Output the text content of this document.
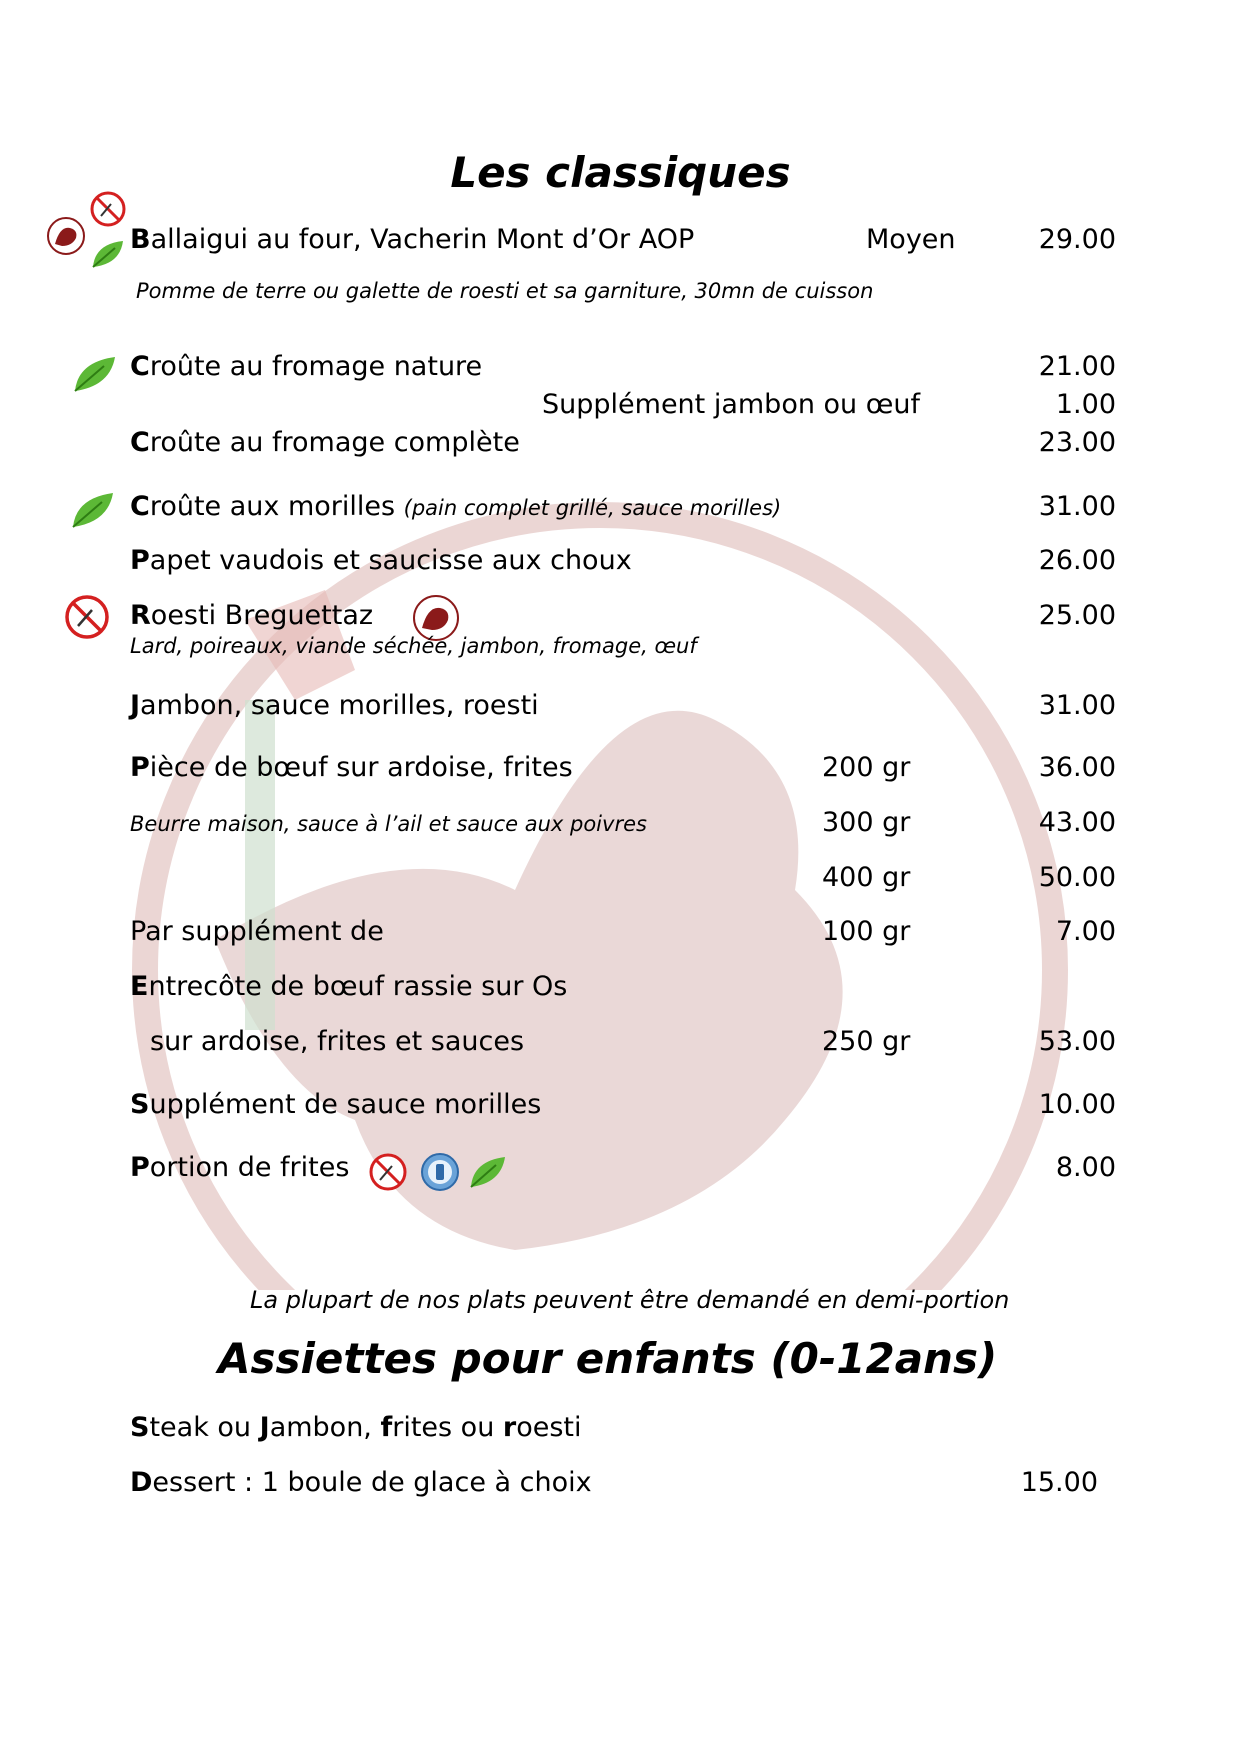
Les classiques
Ballaigui au four, Vacherin Mont d’Or AOP	Moyen	29.00
Pomme de terre ou galette de roesti et sa garniture, 30mn de cuisson
Croûte au fromage nature	21.00
Supplément jambon ou œuf	1.00
Croûte au fromage complète	23.00
Croûte aux morilles (pain complet grillé, sauce morilles)	31.00
Papet vaudois et saucisse aux choux	26.00
Roesti Breguettaz	25.00
Lard, poireaux, viande séchée, jambon, fromage, œuf
Jambon, sauce morilles, roesti	31.00
Pièce de bœuf sur ardoise, frites	200 gr	36.00
Beurre maison, sauce à l’ail et sauce aux poivres	300 gr	43.00
400 gr	50.00
Par supplément de	100 gr	7.00
Entrecôte de bœuf rassie sur Os
sur ardoise, frites et sauces	250 gr	53.00
Supplément de sauce morilles	10.00
Portion de frites	8.00
La plupart de nos plats peuvent être demandé en demi-portion
Assiettes pour enfants (0-12ans)
Steak ou Jambon, frites ou roesti
Dessert : 1 boule de glace à choix	15.00
